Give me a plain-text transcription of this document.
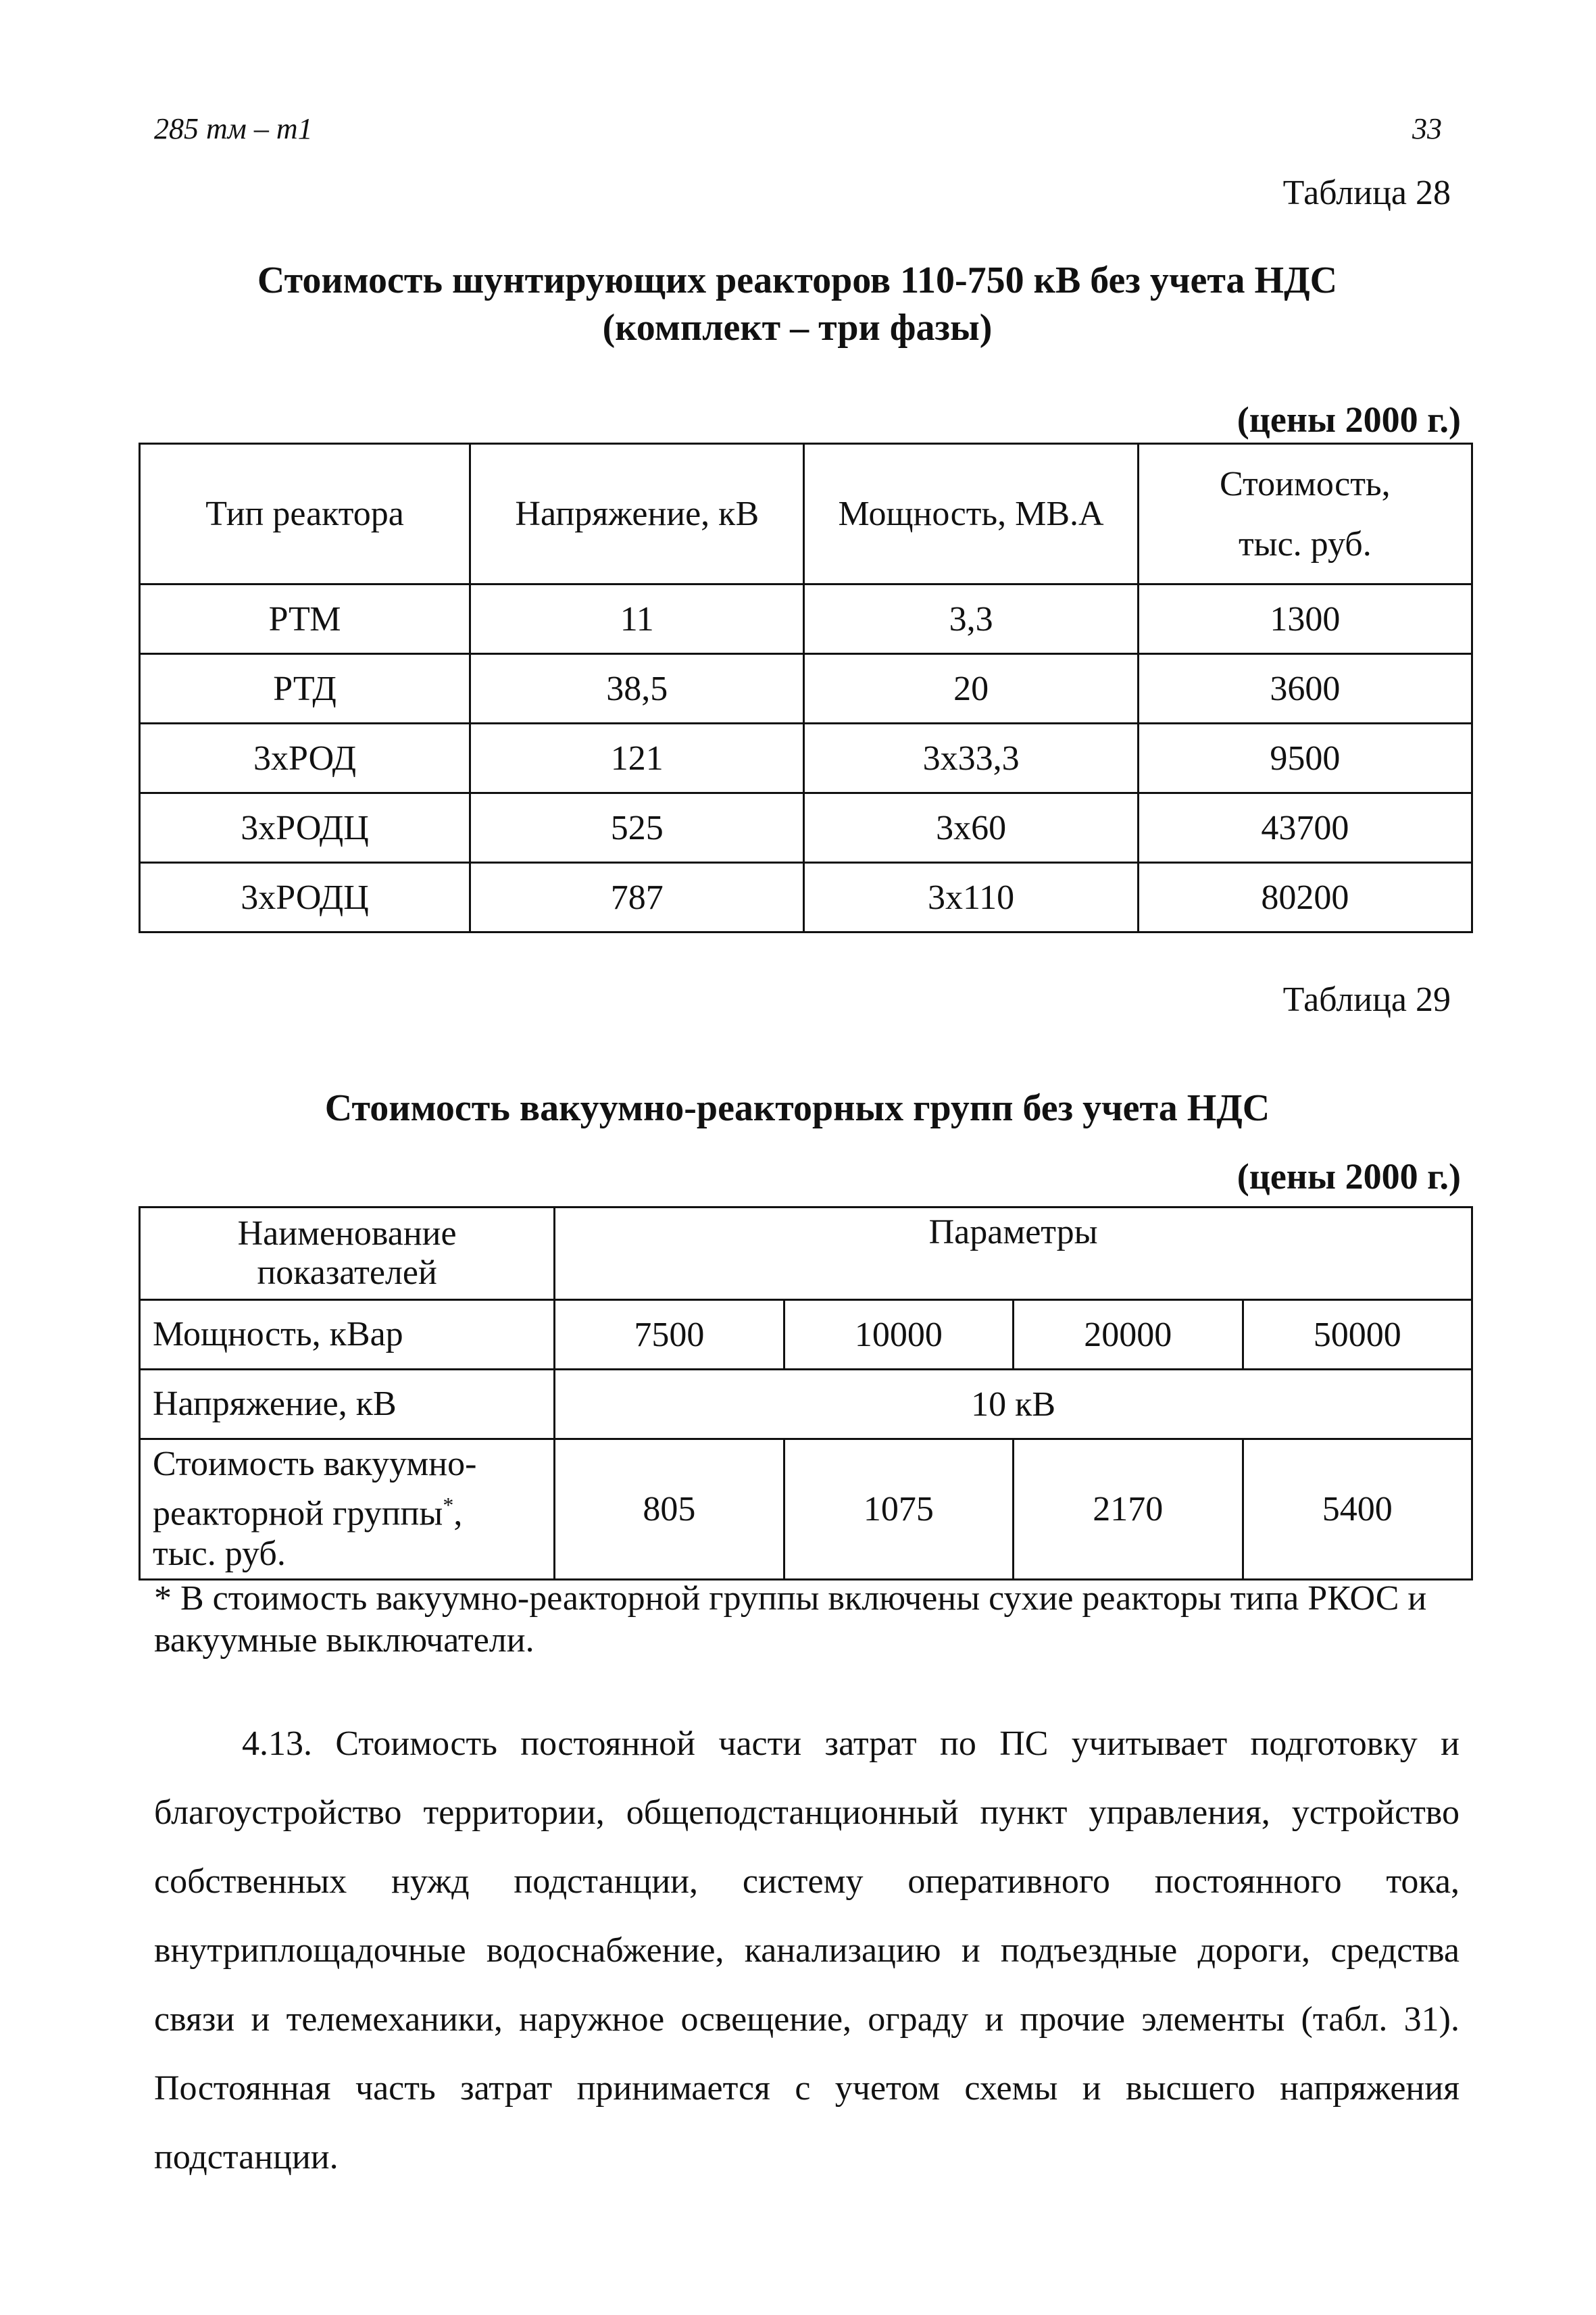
285 тм – т1	33
Таблица 28
Стоимость шунтирующих реакторов 110-750 кВ без учета НДС
(комплект – три фазы)
(цены 2000 г.)
Тип реактора	Напряжение, кВ	Мощность, МВ.А	Стоимость,
тыс. руб.

РТМ	11	3,3	1300
РТД	38,5	20	3600
3хРОД	121	3х33,3	9500
3хРОДЦ	525	3х60	43700
3хРОДЦ	787	3х110	80200
Таблица 29
Стоимость вакуумно-реакторных групп без учета НДС
(цены 2000 г.)
Наименование
показателей	Параметры			
Мощность, кВар	7500	10000	20000	50000
Напряжение, кВ	10 кВ			

Стоимость вакуумно-
реакторной группы*,
тыс. руб.	805	1075	2170	5400
* В стоимость вакуумно-реакторной группы включены сухие реакторы типа РКОС и вакуумные выключатели.

4.13. Стоимость постоянной части затрат по ПС учитывает подготовку и благоустройство территории, общеподстанционный пункт управления, устройство собственных нужд подстанции, систему оперативного постоянного тока, внутриплощадочные водоснабжение, канализацию и подъездные дороги, средства связи и телемеханики, наружное освещение, ограду и прочие элементы (табл. 31). Постоянная часть затрат принимается с учетом схемы и высшего напряжения подстанции.
